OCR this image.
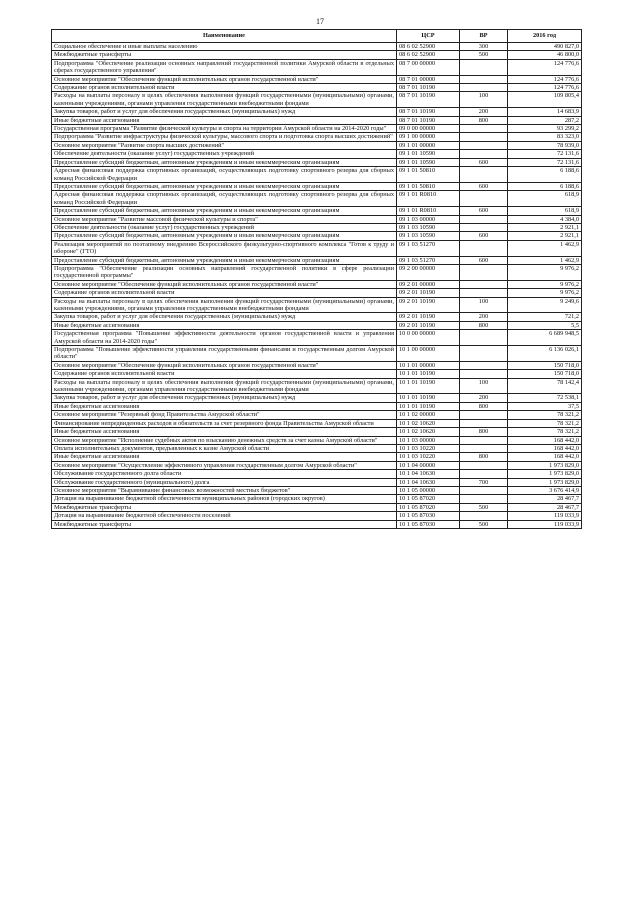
17
Наименование	ЦСР	ВР	2016 год
Социальное обеспечение и иные выплаты населению	08 6 02 52900	300	490 827,0
Межбюджетные трансферты	08 6 02 52900	500	46 800,0
Подпрограмма "Обеспечение реализации основных направлений государственной политики Амурской области в отдельных сферах государственного управления"	08 7 00 00000		124 776,6
Основное мероприятие "Обеспечение функций исполнительных органов государственной власти"	08 7 01 00000		124 776,6
Содержание органов исполнительной власти	08 7 01 10190		124 776,6
Расходы на выплаты персоналу в целях обеспечения выполнения функций государственными (муниципальными) органами, казенными учреждениями, органами управления государственными внебюджетными фондами	08 7 01 10190	100	109 805,4
Закупка товаров, работ и услуг для обеспечения государственных (муниципальных) нужд	08 7 01 10190	200	14 683,9
Иные бюджетные ассигнования	08 7 01 10190	800	287,2
Государственная программа "Развитие физической культуры и спорта на территории Амурской области на 2014-2020 годы"	09 0 00 00000		93 299,2
Подпрограмма "Развитие инфраструктуры физической культуры, массового спорта и подготовка спорта высших достижений"	09 1 00 00000		83 323,0
Основное мероприятие "Развитие спорта высших достижений"	09 1 01 00000		78 939,0
Обеспечение деятельности (оказание услуг) государственных учреждений	09 1 01 10590		72 131,6
Предоставление субсидий бюджетным, автономным учреждениям и иным некоммерческим организациям	09 1 01 10590	600	72 131,6
Адресная финансовая поддержка спортивных организаций, осуществляющих подготовку спортивного резерва для сборных команд Российской Федерации	09 1 01 50810		6 188,6
Предоставление субсидий бюджетным, автономным учреждениям и иным некоммерческим организациям	09 1 01 50810	600	6 188,6
Адресная финансовая поддержка спортивных организаций, осуществляющих подготовку спортивного резерва для сборных команд Российской Федерации	09 1 01 R0810		618,9
Предоставление субсидий бюджетным, автономным учреждениям и иным некоммерческим организациям	09 1 01 R0810	600	618,9
Основное мероприятие "Развитие массовой физической культуры и спорта"	09 1 03 00000		4 384,0
Обеспечение деятельности (оказание услуг) государственных учреждений	09 1 03 10590		2 921,1
Предоставление субсидий бюджетным, автономным учреждениям и иным некоммерческим организациям	09 1 03 10590	600	2 921,1
Реализация мероприятий по поэтапному внедрению Всероссийского физкультурно-спортивного комплекса "Готов к труду и обороне" (ГТО)	09 1 03 51270		1 462,9
Предоставление субсидий бюджетным, автономным учреждениям и иным некоммерческим организациям	09 1 03 51270	600	1 462,9
Подпрограмма "Обеспечение реализации основных направлений государственной политики в сфере реализации государственной программы"	09 2 00 00000		9 976,2
Основное мероприятие "Обеспечение функций исполнительных органов государственной власти"	09 2 01 00000		9 976,2
Содержание органов исполнительной власти	09 2 01 10190		9 976,2
Расходы на выплаты персоналу в целях обеспечения выполнения функций государственными (муниципальными) органами, казенными учреждениями, органами управления государственными внебюджетными фондами	09 2 01 10190	100	9 249,6
Закупка товаров, работ и услуг для обеспечения государственных (муниципальных) нужд	09 2 01 10190	200	721,2
Иные бюджетные ассигнования	09 2 01 10190	800	5,5
Государственная программа "Повышение эффективности деятельности органов государственной власти и управления Амурской области на 2014-2020 годы"	10 0 00 00000		6 689 948,5
Подпрограмма "Повышение эффективности управления государственными финансами и государственным долгом Амурской области"	10 1 00 00000		6 136 026,1
Основное мероприятие "Обеспечение функций исполнительных органов государственной власти"	10 1 01 00000		150 718,0
Содержание органов исполнительной власти	10 1 01 10190		150 718,0
Расходы на выплаты персоналу в целях обеспечения выполнения функций государственными (муниципальными) органами, казенными учреждениями, органами управления государственными внебюджетными фондами	10 1 01 10190	100	78 142,4
Закупка товаров, работ и услуг для обеспечения государственных (муниципальных) нужд	10 1 01 10190	200	72 538,1
Иные бюджетные ассигнования	10 1 01 10190	800	37,5
Основное мероприятие "Резервный фонд Правительства Амурской области"	10 1 02 00000		78 321,2
Финансирование непредвиденных расходов и обязательств за счет резервного фонда Правительства Амурской области	10 1 02 10620		78 321,2
Иные бюджетные ассигнования	10 1 02 10620	800	78 321,2
Основное мероприятие "Исполнение судебных актов по взысканию денежных средств за счет казны Амурской области"	10 1 03 00000		168 442,0
Оплата исполнительных документов, предъявленных к казне Амурской области	10 1 03 10220		168 442,0
Иные бюджетные ассигнования	10 1 03 10220	800	168 442,0
Основное мероприятие "Осуществление эффективного управления государственным долгом Амурской области"	10 1 04 00000		1 973 829,0
Обслуживание государственного долга области	10 1 04 10630		1 973 829,0
Обслуживание государственного (муниципального) долга	10 1 04 10630	700	1 973 829,0
Основное мероприятие "Выравнивание финансовых возможностей местных бюджетов"	10 1 05 00000		3 676 414,9
Дотация на выравнивание бюджетной обеспеченности муниципальных районов (городских округов)	10 1 05 87020		28 467,7
Межбюджетные трансферты	10 1 05 87020	500	28 467,7
Дотация на выравнивание бюджетной обеспеченности поселений	10 1 05 87030		119 033,9
Межбюджетные трансферты	10 1 05 87030	500	119 033,9
